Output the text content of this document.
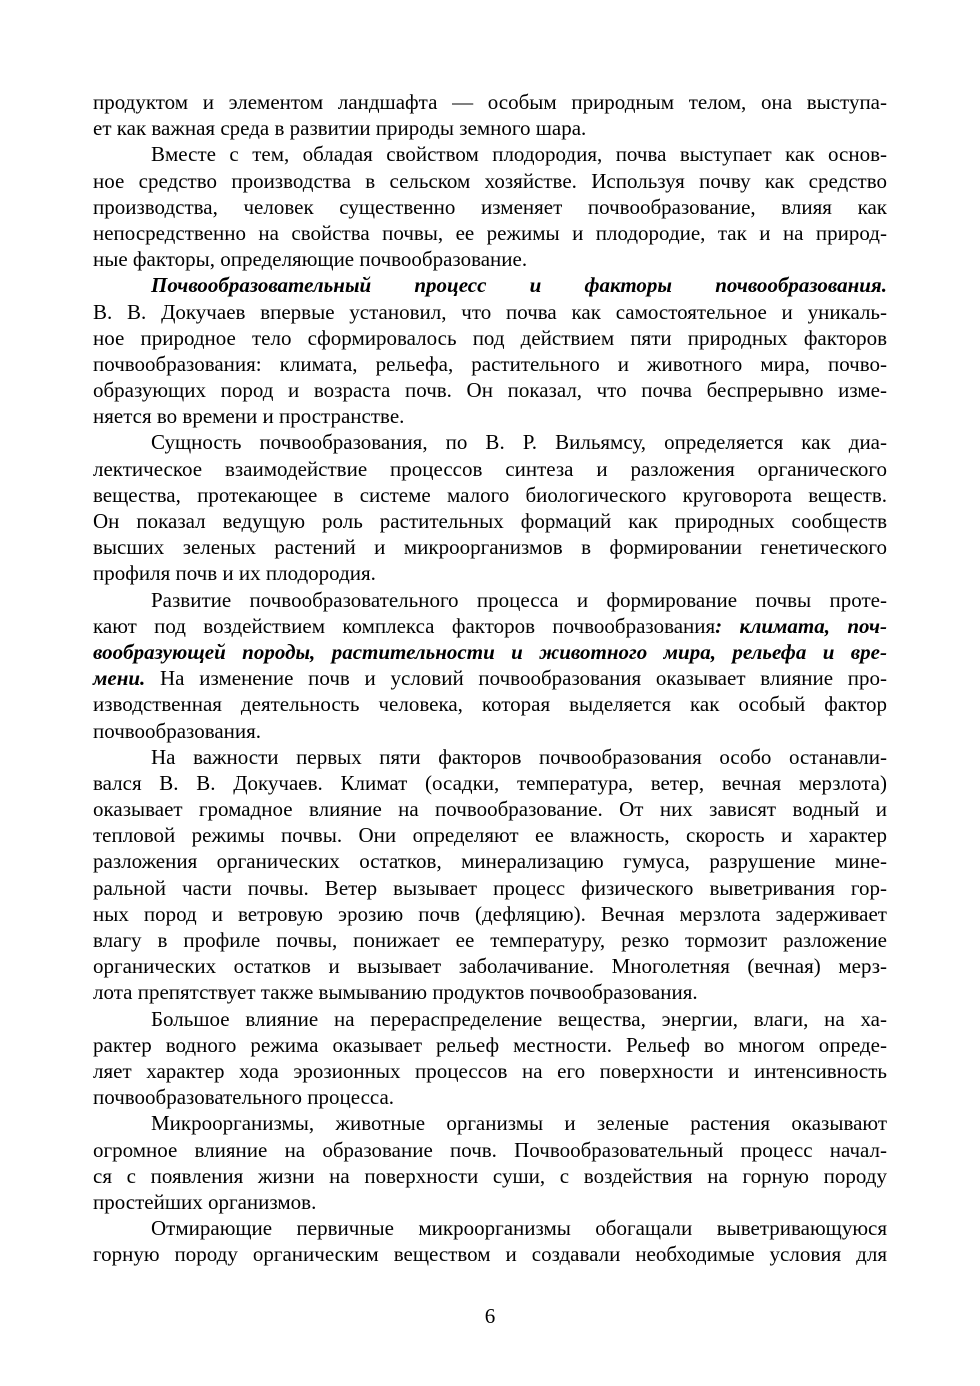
продуктом и элементом ландшафта — особым природным телом, она выступа-
ет как важная среда в развитии природы земного шара.
Вместе с тем, обладая свойством плодородия, почва выступает как основ-
ное средство производства в сельском хозяйстве. Используя почву как средство
производства, человек существенно изменяет почвообразование, влияя как
непосредственно на свойства почвы, ее режимы и плодородие, так и на природ-
ные факторы, определяющие почвообразование.
Почвообразовательный процесс и факторы почвообразования.
В. В. Докучаев впервые установил, что почва как самостоятельное и уникаль-
ное природное тело сформировалось под действием пяти природных факторов
почвообразования: климата, рельефа, растительного и животного мира, почво-
образующих пород и возраста почв. Он показал, что почва беспрерывно изме-
няется во времени и пространстве.
Сущность почвообразования, по В. Р. Вильямсу, определяется как диа-
лектическое взаимодействие процессов синтеза и разложения органического
вещества, протекающее в системе малого биологического круговорота веществ.
Он показал ведущую роль растительных формаций как природных сообществ
высших зеленых растений и микроорганизмов в формировании генетического
профиля почв и их плодородия.
Развитие почвообразовательного процесса и формирование почвы проте-
кают под воздействием комплекса факторов почвообразования: климата, поч-
вообразующей породы, растительности и животного мира, рельефа и вре-
мени. На изменение почв и условий почвообразования оказывает влияние про-
изводственная деятельность человека, которая выделяется как особый фактор
почвообразования.
На важности первых пяти факторов почвообразования особо останавли-
вался В. В. Докучаев. Климат (осадки, температура, ветер, вечная мерзлота)
оказывает громадное влияние на почвообразование. От них зависят водный и
тепловой режимы почвы. Они определяют ее влажность, скорость и характер
разложения органических остатков, минерализацию гумуса, разрушение мине-
ральной части почвы. Ветер вызывает процесс физического выветривания гор-
ных пород и ветровую эрозию почв (дефляцию). Вечная мерзлота задерживает
влагу в профиле почвы, понижает ее температуру, резко тормозит разложение
органических остатков и вызывает заболачивание. Многолетняя (вечная) мерз-
лота препятствует также вымыванию продуктов почвообразования.
Большое влияние на перераспределение вещества, энергии, влаги, на ха-
рактер водного режима оказывает рельеф местности. Рельеф во многом опреде-
ляет характер хода эрозионных процессов на его поверхности и интенсивность
почвообразовательного процесса.
Микроорганизмы, животные организмы и зеленые растения оказывают
огромное влияние на образование почв. Почвообразовательный процесс начал-
ся с появления жизни на поверхности суши, с воздействия на горную породу
простейших организмов.
Отмирающие первичные микроорганизмы обогащали выветривающуюся
горную породу органическим веществом и создавали необходимые условия для
6
